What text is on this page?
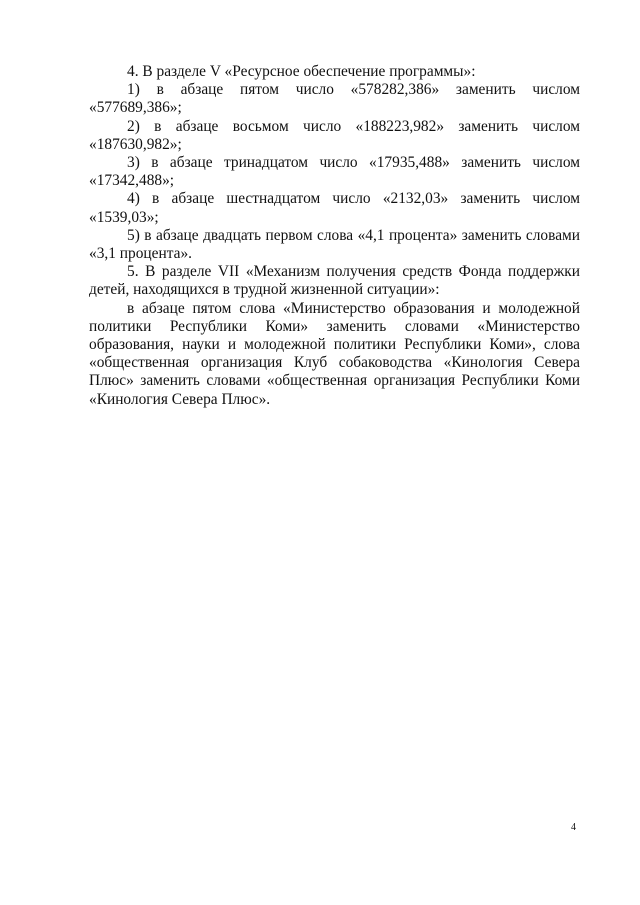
4. В разделе V «Ресурсное обеспечение программы»:

1) в абзаце пятом число «578282,386» заменить числом «577689,386»;

2) в абзаце восьмом число «188223,982» заменить числом «187630,982»;

3) в абзаце тринадцатом число «17935,488» заменить числом «17342,488»;

4) в абзаце шестнадцатом число «2132,03» заменить числом «1539,03»;

5) в абзаце двадцать первом слова «4,1 процента» заменить словами «3,1 процента».

5. В разделе VII «Механизм получения средств Фонда поддержки детей, находящихся в трудной жизненной ситуации»:

в абзаце пятом слова «Министерство образования и молодежной политики Республики Коми» заменить словами «Министерство образования, науки и молодежной политики Республики Коми», слова «общественная организация Клуб собаководства «Кинология Севера Плюс» заменить словами «общественная организация Республики Коми «Кинология Севера Плюс».

4
